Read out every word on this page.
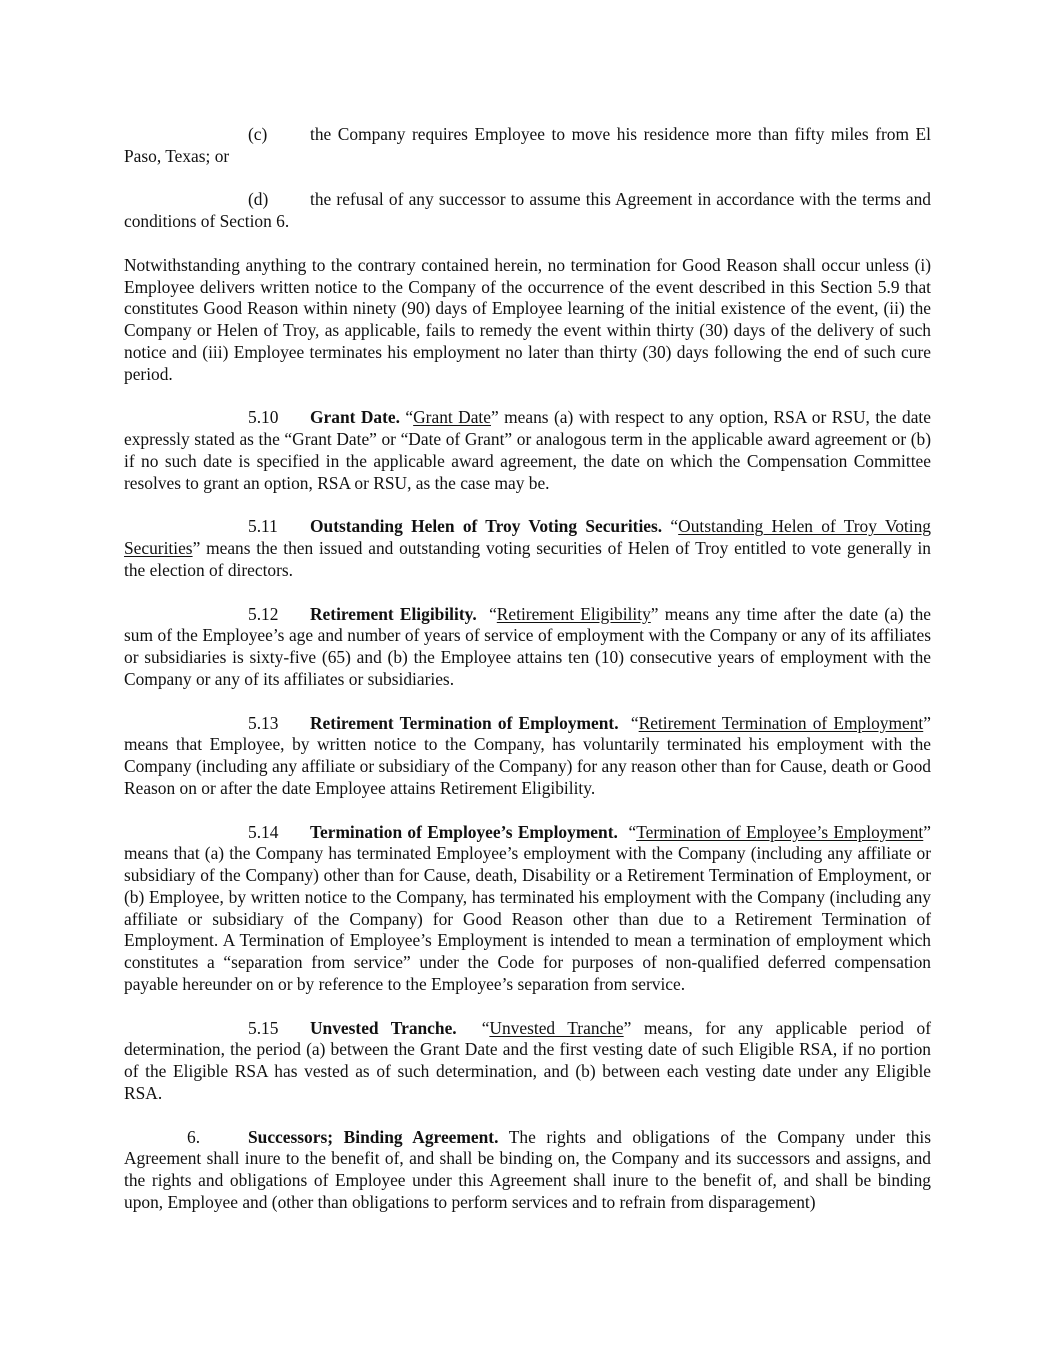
(c) the Company requires Employee to move his residence more than fifty miles from El Paso, Texas; or

(d) the refusal of any successor to assume this Agreement in accordance with the terms and conditions of Section 6.

Notwithstanding anything to the contrary contained herein, no termination for Good Reason shall occur unless (i) Employee delivers written notice to the Company of the occurrence of the event described in this Section 5.9 that constitutes Good Reason within ninety (90) days of Employee learning of the initial existence of the event, (ii) the Company or Helen of Troy, as applicable, fails to remedy the event within thirty (30) days of the delivery of such notice and (iii) Employee terminates his employment no later than thirty (30) days following the end of such cure period.

5.10 Grant Date. “Grant Date” means (a) with respect to any option, RSA or RSU, the date expressly stated as the “Grant Date” or “Date of Grant” or analogous term in the applicable award agreement or (b) if no such date is specified in the applicable award agreement, the date on which the Compensation Committee resolves to grant an option, RSA or RSU, as the case may be.

5.11 Outstanding Helen of Troy Voting Securities. “Outstanding Helen of Troy Voting Securities” means the then issued and outstanding voting securities of Helen of Troy entitled to vote generally in the election of directors.

5.12 Retirement Eligibility. “Retirement Eligibility” means any time after the date (a) the sum of the Employee’s age and number of years of service of employment with the Company or any of its affiliates or subsidiaries is sixty-five (65) and (b) the Employee attains ten (10) consecutive years of employment with the Company or any of its affiliates or subsidiaries.

5.13 Retirement Termination of Employment. “Retirement Termination of Employment” means that Employee, by written notice to the Company, has voluntarily terminated his employment with the Company (including any affiliate or subsidiary of the Company) for any reason other than for Cause, death or Good Reason on or after the date Employee attains Retirement Eligibility.

5.14 Termination of Employee’s Employment. “Termination of Employee’s Employment” means that (a) the Company has terminated Employee’s employment with the Company (including any affiliate or subsidiary of the Company) other than for Cause, death, Disability or a Retirement Termination of Employment, or (b) Employee, by written notice to the Company, has terminated his employment with the Company (including any affiliate or subsidiary of the Company) for Good Reason other than due to a Retirement Termination of Employment. A Termination of Employee’s Employment is intended to mean a termination of employment which constitutes a “separation from service” under the Code for purposes of non-qualified deferred compensation payable hereunder on or by reference to the Employee’s separation from service.

5.15 Unvested Tranche. “Unvested Tranche” means, for any applicable period of determination, the period (a) between the Grant Date and the first vesting date of such Eligible RSA, if no portion of the Eligible RSA has vested as of such determination, and (b) between each vesting date under any Eligible RSA.

6.	Successors; Binding Agreement. The rights and obligations of the Company under this Agreement shall inure to the benefit of, and shall be binding on, the Company and its successors and assigns, and the rights and obligations of Employee under this Agreement shall inure to the benefit of, and shall be binding upon, Employee and (other than obligations to perform services and to refrain from disparagement)
